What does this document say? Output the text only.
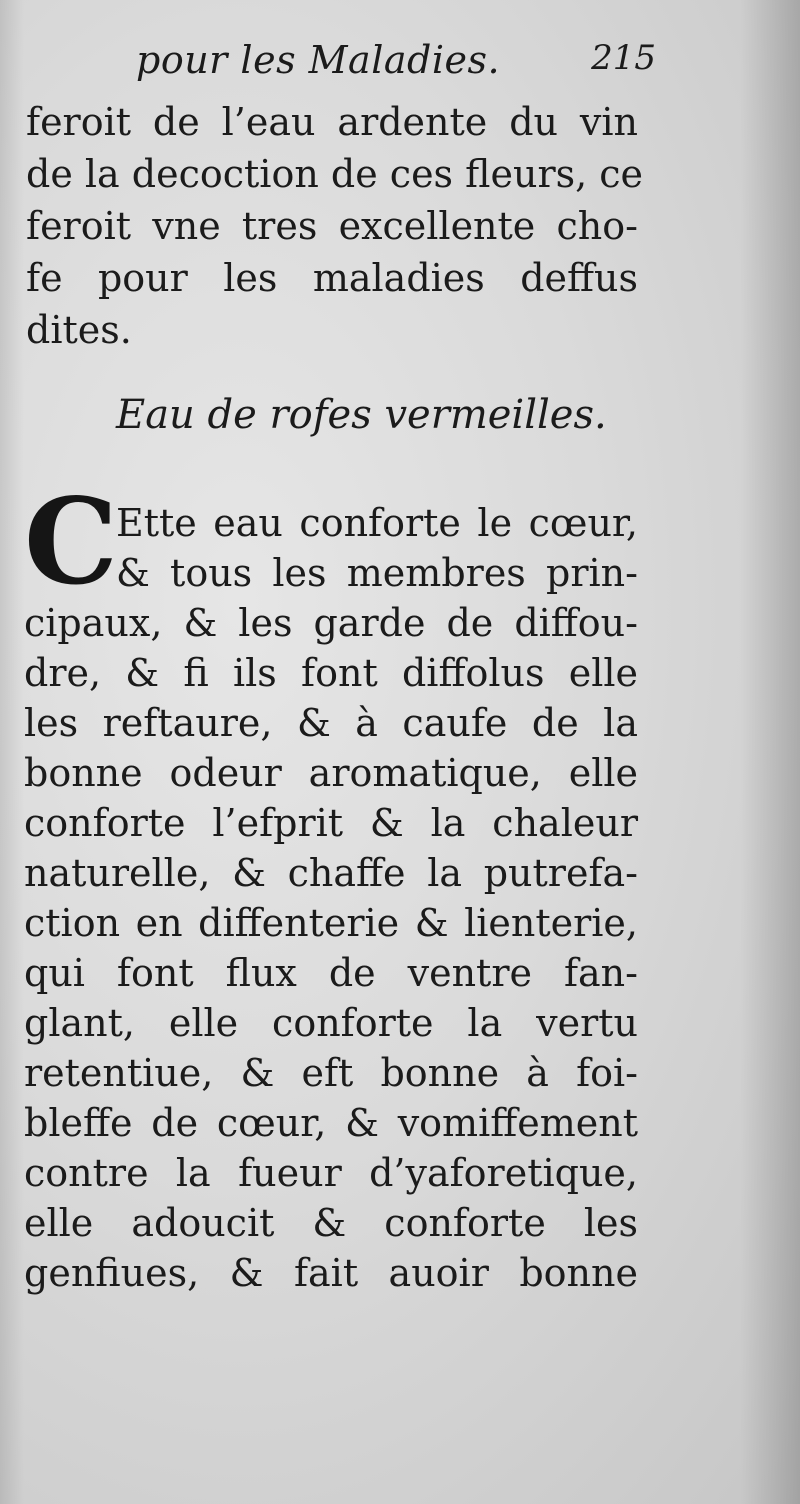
pour les Maladies.	215
feroit de l’eau ardente du vin
de la decoction de ces fleurs, ce
feroit vne tres excellente cho-
fe pour les maladies deffus
dites.
Eau de rofes vermeilles.
C
Ette eau conforte le cœur,
& tous les membres prin-
cipaux, & les garde de diffou-
dre, & fi ils font diffolus elle
les reftaure, & à caufe de la
bonne odeur aromatique, elle
conforte l’efprit & la chaleur
naturelle, & chaffe la putrefa-
ction en diffenterie & lienterie,
qui font flux de ventre fan-
glant, elle conforte la vertu
retentiue, & eft bonne à foi-
bleffe de cœur, & vomiffement
contre la fueur d’yaforetique,
elle adoucit & conforte les
genfiues, & fait auoir bonne
